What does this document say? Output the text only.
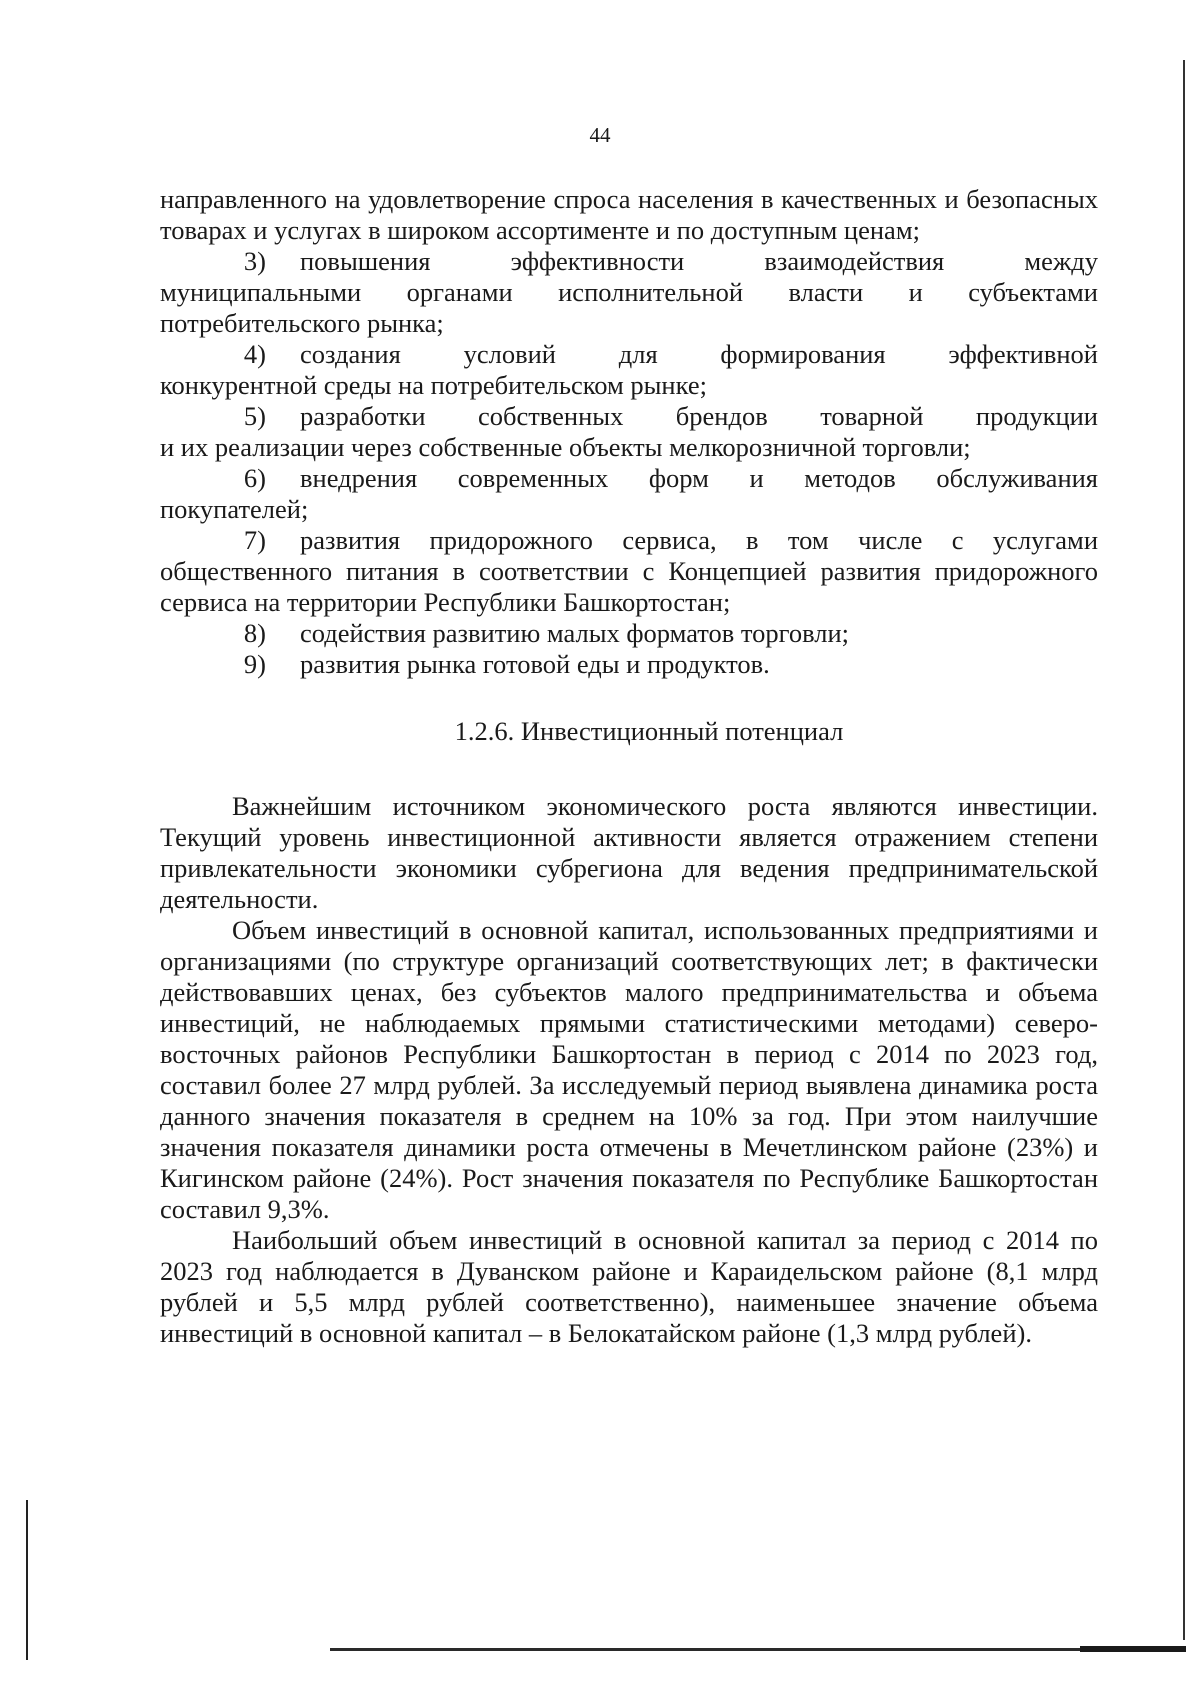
44

направленного на удовлетворение спроса населения в качественных и безопасных товарах и услугах в широком ассортименте и по доступным ценам;

3)	повышения эффективности взаимодействия между

муниципальными органами исполнительной власти и субъектами потребительского рынка;

4)	создания условий для формирования эффективной

конкурентной среды на потребительском рынке;

5)	разработки собственных брендов товарной продукции

и их реализации через собственные объекты мелкорозничной торговли;

6)	внедрения современных форм и методов обслуживания

покупателей;

7)	развития придорожного сервиса, в том числе с услугами

общественного питания в соответствии с Концепцией развития придорожного сервиса на территории Республики Башкортостан;

8)	содействия развитию малых форматов торговли;
9)	развития рынка готовой еды и продуктов.
1.2.6. Инвестиционный потенциал

Важнейшим источником экономического роста являются инвестиции. Текущий уровень инвестиционной активности является отражением степени привлекательности экономики субрегиона для ведения предпринимательской деятельности.

Объем инвестиций в основной капитал, использованных предприятиями и организациями (по структуре организаций соответствующих лет; в фактически действовавших ценах, без субъектов малого предпринимательства и объема инвестиций, не наблюдаемых прямыми статистическими методами) северо-восточных районов Республики Башкортостан в период с 2014 по 2023 год, составил более 27 млрд рублей. За исследуемый период выявлена динамика роста данного значения показателя в среднем на 10% за год. При этом наилучшие значения показателя динамики роста отмечены в Мечетлинском районе (23%) и Кигинском районе (24%). Рост значения показателя по Республике Башкортостан составил 9,3%.

Наибольший объем инвестиций в основной капитал за период с 2014 по 2023 год наблюдается в Дуванском районе и Караидельском районе (8,1 млрд рублей и 5,5 млрд рублей соответственно), наименьшее значение объема инвестиций в основной капитал – в Белокатайском районе (1,3 млрд рублей).
